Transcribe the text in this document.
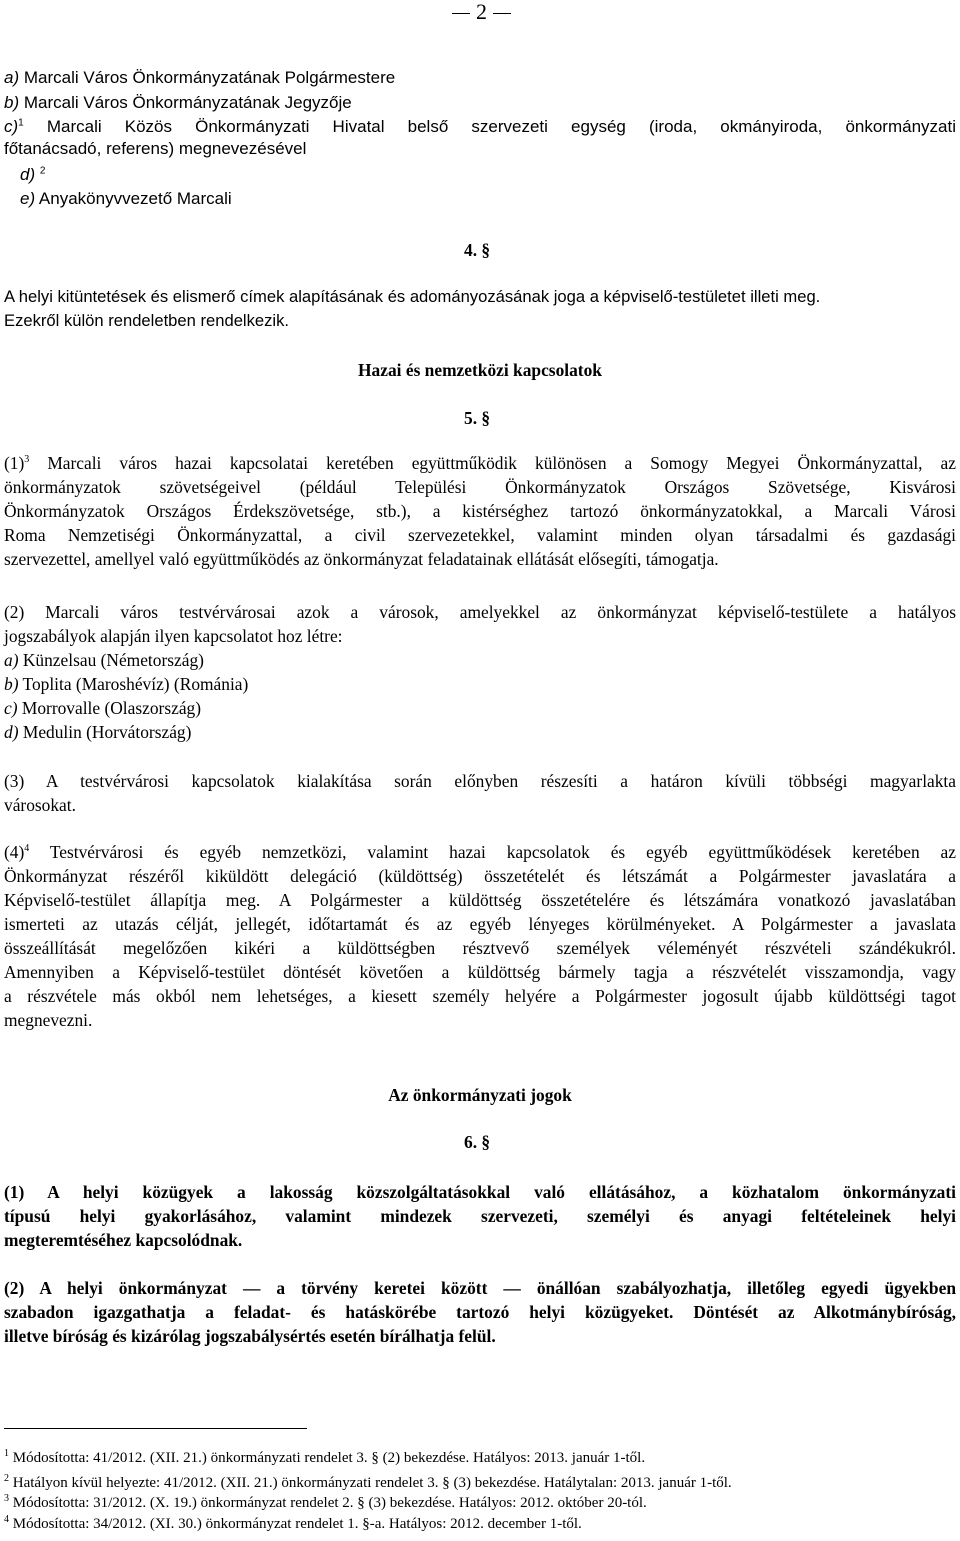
2
a) Marcali Város Önkormányzatának Polgármestere
b) Marcali Város Önkormányzatának Jegyzője
c)$^1$ Marcali Közös Önkormányzati Hivatal belső szervezeti egység (iroda, okmányiroda, önkormányzati
főtanácsadó, referens) megnevezésével
d) $^2$
e) Anyakönyvvezető Marcali
4. §
A helyi kitüntetések és elismerő címek alapításának és adományozásának joga a képviselő-testületet illeti meg.
Ezekről külön rendeletben rendelkezik.
Hazai és nemzetközi kapcsolatok
5. §
$(1)^3$ Marcali város hazai kapcsolatai keretében együttműködik különösen a Somogy Megyei Önkormányzattal, az
önkormányzatok szövetségeivel (például Települési Önkormányzatok Országos Szövetsége, Kisvárosi
Önkormányzatok Országos Érdekszövetsége, stb.), a kistérséghez tartozó önkormányzatokkal, a Marcali Városi
Roma Nemzetiségi Önkormányzattal, a civil szervezetekkel, valamint minden olyan társadalmi és gazdasági
szervezettel, amellyel való együttműködés az önkormányzat feladatainak ellátását elősegíti, támogatja.
(2) Marcali város testvérvárosai azok a városok, amelyekkel az önkormányzat képviselő-testülete a hatályos
jogszabályok alapján ilyen kapcsolatot hoz létre:
a) Künzelsau (Németország)
b) Toplita (Maroshévíz) (Románia)
c) Morrovalle (Olaszország)
d) Medulin (Horvátország)
(3) A testvérvárosi kapcsolatok kialakítása során előnyben részesíti a határon kívüli többségi magyarlakta
városokat.
$(4)^4$ Testvérvárosi és egyéb nemzetközi, valamint hazai kapcsolatok és egyéb együttműködések keretében az
Önkormányzat részéről kiküldött delegáció (küldöttség) összetételét és létszámát a Polgármester javaslatára a
Képviselő-testület állapítja meg. A Polgármester a küldöttség összetételére és létszámára vonatkozó javaslatában
ismerteti az utazás célját, jellegét, időtartamát és az egyéb lényeges körülményeket. A Polgármester a javaslata
összeállítását megelőzően kikéri a küldöttségben résztvevő személyek véleményét részvételi szándékukról.
Amennyiben a Képviselő-testület döntését követően a küldöttség bármely tagja a részvételét visszamondja, vagy
a részvétele más okból nem lehetséges, a kiesett személy helyére a Polgármester jogosult újabb küldöttségi tagot
megnevezni.
Az önkormányzati jogok
6. §
(1) A helyi közügyek a lakosság közszolgáltatásokkal való ellátásához, a közhatalom önkormányzati
típusú helyi gyakorlásához, valamint mindezek szervezeti, személyi és anyagi feltételeinek helyi
megteremtéséhez kapcsolódnak.
(2) A helyi önkormányzat — a törvény keretei között — önállóan szabályozhatja, illetőleg egyedi ügyekben
szabadon igazgathatja a feladat- és hatáskörébe tartozó helyi közügyeket. Döntését az Alkotmánybíróság,
illetve bíróság és kizárólag jogszabálysértés esetén bírálhatja felül.
$^1$ Módosította: 41/2012. (XII. 21.) önkormányzati rendelet 3. § (2) bekezdése. Hatályos: 2013. január 1-től.
$^2$ Hatályon kívül helyezte: 41/2012. (XII. 21.) önkormányzati rendelet 3. § (3) bekezdése. Hatálytalan: 2013. január 1-től.
$^3$ Módosította: 31/2012. (X. 19.) önkormányzat rendelet 2. § (3) bekezdése. Hatályos: 2012. október 20-tól.
$^4$ Módosította: 34/2012. (XI. 30.) önkormányzat rendelet 1. §-a. Hatályos: 2012. december 1-től.
